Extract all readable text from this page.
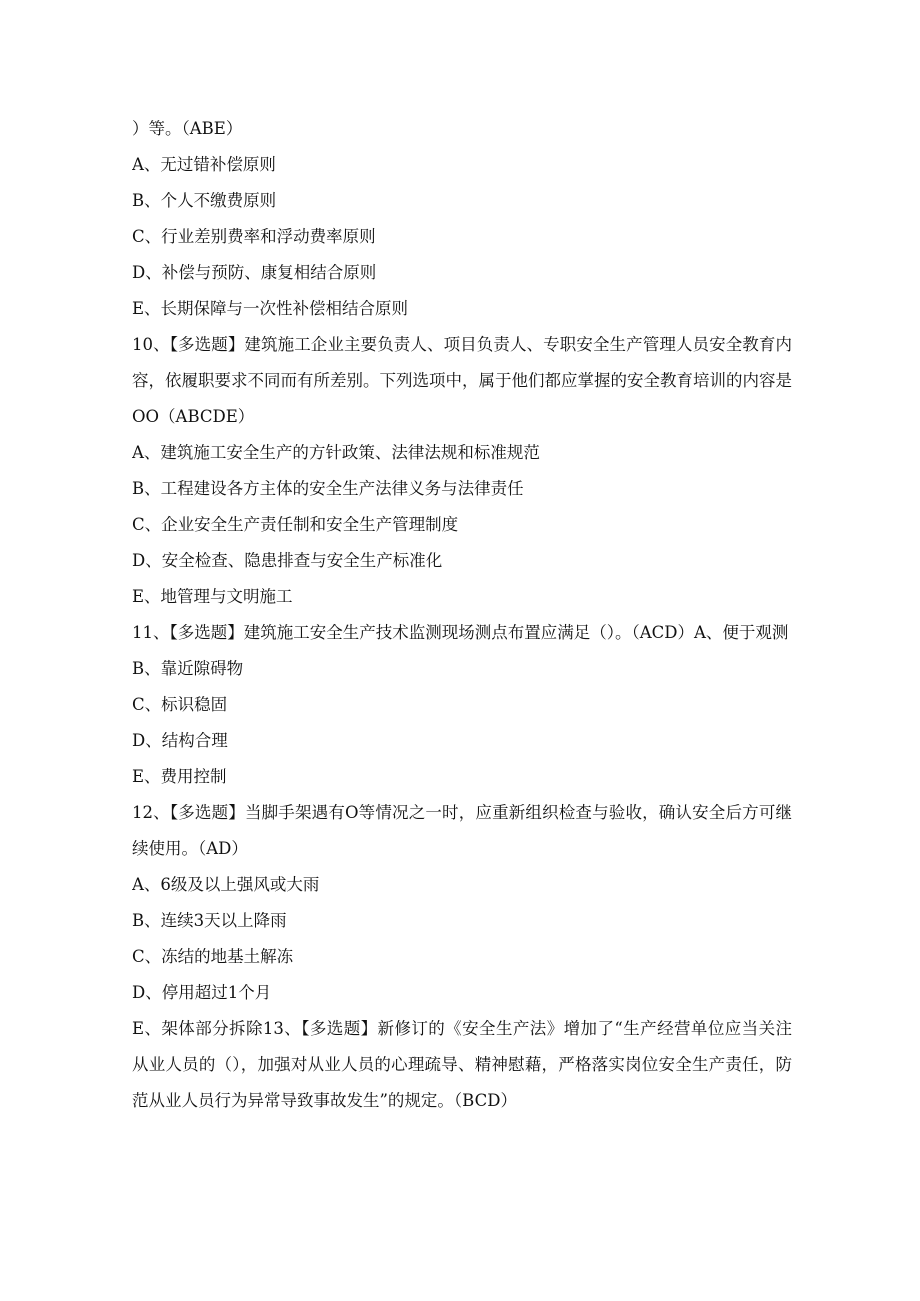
）等。（ABE）
A、无过错补偿原则
B、个人不缴费原则
C、行业差别费率和浮动费率原则
D、补偿与预防、康复相结合原则
E、长期保障与一次性补偿相结合原则
10、【多选题】建筑施工企业主要负责人、项目负责人、专职安全生产管理人员安全教育内容，依履职要求不同而有所差别。下列选项中，属于他们都应掌握的安全教育培训的内容是OO（ABCDE）
A、建筑施工安全生产的方针政策、法律法规和标准规范
B、工程建设各方主体的安全生产法律义务与法律责任
C、企业安全生产责任制和安全生产管理制度
D、安全检查、隐患排查与安全生产标准化
E、地管理与文明施工
11、【多选题】建筑施工安全生产技术监测现场测点布置应满足（）。（ACD）A、便于观测
B、靠近隙碍物
C、标识稳固
D、结构合理
E、费用控制
12、【多选题】当脚手架遇有O等情况之一时，应重新组织检查与验收，确认安全后方可继续使用。（AD）
A、6级及以上强风或大雨
B、连续3天以上降雨
C、冻结的地基土解冻
D、停用超过1个月
E、架体部分拆除13、【多选题】新修订的《安全生产法》增加了“生产经营单位应当关注从业人员的（），加强对从业人员的心理疏导、精神慰藉，严格落实岗位安全生产责任，防范从业人员行为异常导致事故发生”的规定。（BCD）
